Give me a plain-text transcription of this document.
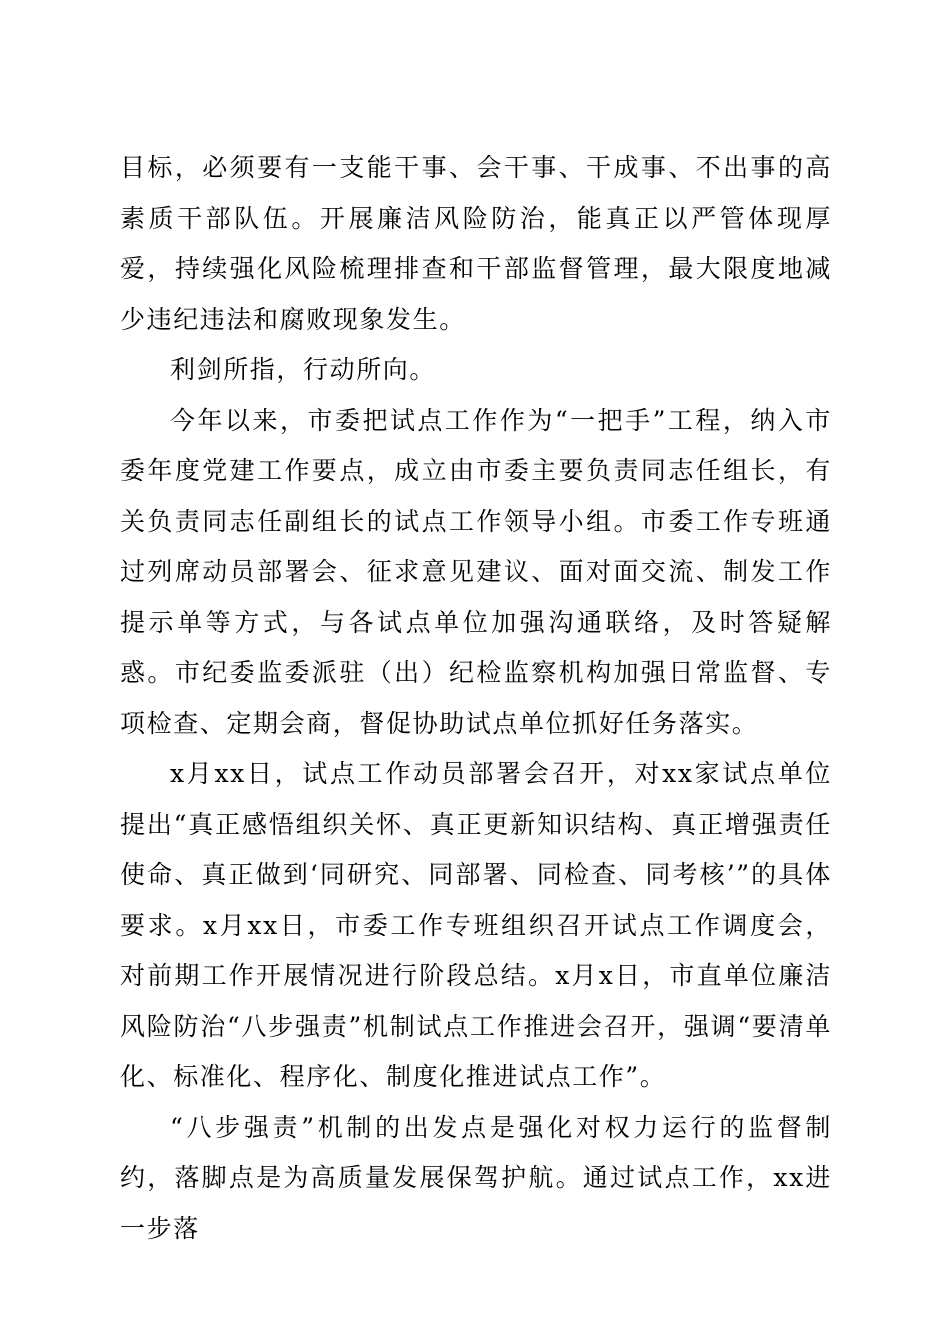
目标，必须要有一支能干事、会干事、干成事、不出事的高素质干部队伍。开展廉洁风险防治，能真正以严管体现厚爱，持续强化风险梳理排查和干部监督管理，最大限度地减少违纪违法和腐败现象发生。

利剑所指，行动所向。

今年以来，市委把试点工作作为“一把手”工程，纳入市委年度党建工作要点，成立由市委主要负责同志任组长，有关负责同志任副组长的试点工作领导小组。市委工作专班通过列席动员部署会、征求意见建议、面对面交流、制发工作提示单等方式，与各试点单位加强沟通联络，及时答疑解惑。市纪委监委派驻（出）纪检监察机构加强日常监督、专项检查、定期会商，督促协助试点单位抓好任务落实。

x月xx日，试点工作动员部署会召开，对xx家试点单位提出“真正感悟组织关怀、真正更新知识结构、真正增强责任使命、真正做到‘同研究、同部署、同检查、同考核’”的具体要求。x月xx日，市委工作专班组织召开试点工作调度会，对前期工作开展情况进行阶段总结。x月x日，市直单位廉洁风险防治“八步强责”机制试点工作推进会召开，强调“要清单化、标准化、程序化、制度化推进试点工作”。

“八步强责”机制的出发点是强化对权力运行的监督制约，落脚点是为高质量发展保驾护航。通过试点工作，xx进一步落
